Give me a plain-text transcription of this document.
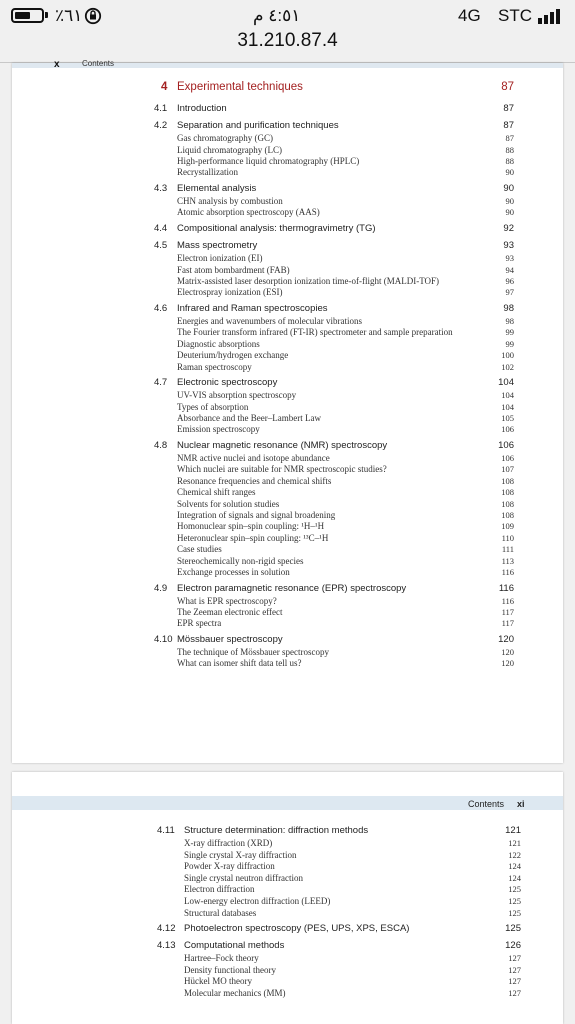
٪٦١	٤:٥١ م	4G STC
31.210.87.4
x	Contents
4 Experimental techniques	87
4.1 Introduction	87
4.2 Separation and purification techniques	87
Gas chromatography (GC)	87
Liquid chromatography (LC)	88
High-performance liquid chromatography (HPLC)	88
Recrystallization	90
4.3 Elemental analysis	90
CHN analysis by combustion	90
Atomic absorption spectroscopy (AAS)	90
4.4 Compositional analysis: thermogravimetry (TG)	92
4.5 Mass spectrometry	93
Electron ionization (EI)	93
Fast atom bombardment (FAB)	94
Matrix-assisted laser desorption ionization time-of-flight (MALDI-TOF)	96
Electrospray ionization (ESI)	97
4.6 Infrared and Raman spectroscopies	98
Energies and wavenumbers of molecular vibrations	98
The Fourier transform infrared (FT-IR) spectrometer and sample preparation	99
Diagnostic absorptions	99
Deuterium/hydrogen exchange	100
Raman spectroscopy	102
4.7 Electronic spectroscopy	104
UV-VIS absorption spectroscopy	104
Types of absorption	104
Absorbance and the Beer–Lambert Law	105
Emission spectroscopy	106
4.8 Nuclear magnetic resonance (NMR) spectroscopy	106
NMR active nuclei and isotope abundance	106
Which nuclei are suitable for NMR spectroscopic studies?	107
Resonance frequencies and chemical shifts	108
Chemical shift ranges	108
Solvents for solution studies	108
Integration of signals and signal broadening	108
Homonuclear spin–spin coupling: ¹H–¹H	109
Heteronuclear spin–spin coupling: ¹³C–¹H	110
Case studies	111
Stereochemically non-rigid species	113
Exchange processes in solution	116
4.9 Electron paramagnetic resonance (EPR) spectroscopy	116
What is EPR spectroscopy?	116
The Zeeman electronic effect	117
EPR spectra	117
4.10 Mössbauer spectroscopy	120
The technique of Mössbauer spectroscopy	120
What can isomer shift data tell us?	120
Contents xi
4.11 Structure determination: diffraction methods	121
X-ray diffraction (XRD)	121
Single crystal X-ray diffraction	122
Powder X-ray diffraction	124
Single crystal neutron diffraction	124
Electron diffraction	125
Low-energy electron diffraction (LEED)	125
Structural databases	125
4.12 Photoelectron spectroscopy (PES, UPS, XPS, ESCA)	125
4.13 Computational methods	126
Hartree–Fock theory	127
Density functional theory	127
Hückel MO theory	127
Molecular mechanics (MM)	127
